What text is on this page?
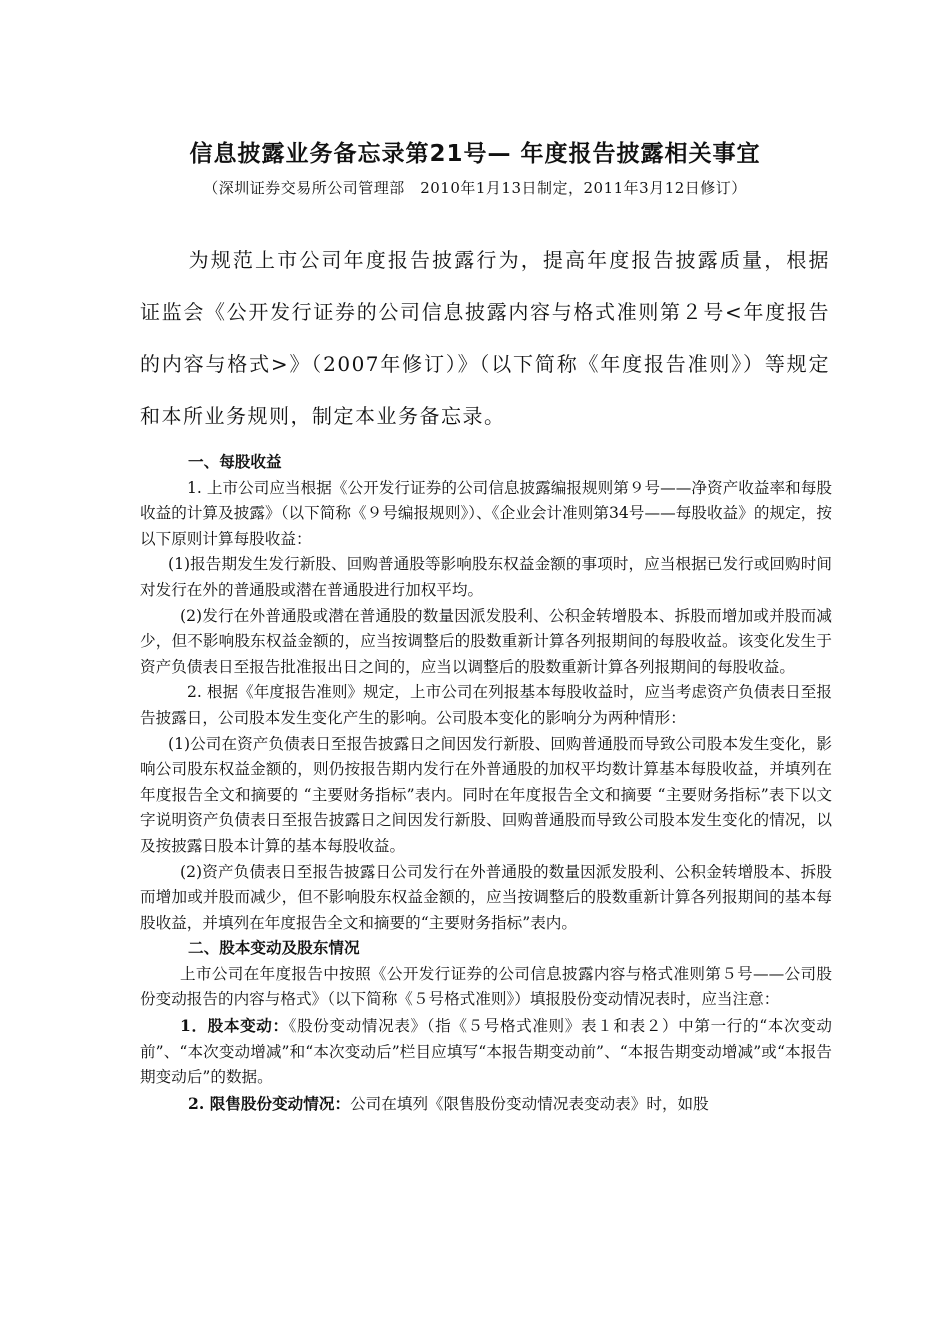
信息披露业务备忘录第21号— 年度报告披露相关事宜

（深圳证券交易所公司管理部　2010年1月13日制定，2011年3月12日修订）

为规范上市公司年度报告披露行为，提高年度报告披露质量，根据证监会《公开发行证券的公司信息披露内容与格式准则第２号<年度报告的内容与格式>》（2007年修订）》（以下简称《年度报告准则》）等规定和本所业务规则，制定本业务备忘录。

一、每股收益

1. 上市公司应当根据《公开发行证券的公司信息披露编报规则第９号——净资产收益率和每股收益的计算及披露》（以下简称《９号编报规则》）、《企业会计准则第34号——每股收益》的规定，按以下原则计算每股收益：

(1)报告期发生发行新股、回购普通股等影响股东权益金额的事项时，应当根据已发行或回购时间对发行在外的普通股或潜在普通股进行加权平均。

(2)发行在外普通股或潜在普通股的数量因派发股利、公积金转增股本、拆股而增加或并股而减少，但不影响股东权益金额的，应当按调整后的股数重新计算各列报期间的每股收益。该变化发生于资产负债表日至报告批准报出日之间的，应当以调整后的股数重新计算各列报期间的每股收益。

2. 根据《年度报告准则》规定，上市公司在列报基本每股收益时，应当考虑资产负债表日至报告披露日，公司股本发生变化产生的影响。公司股本变化的影响分为两种情形：

(1)公司在资产负债表日至报告披露日之间因发行新股、回购普通股而导致公司股本发生变化，影响公司股东权益金额的，则仍按报告期内发行在外普通股的加权平均数计算基本每股收益，并填列在年度报告全文和摘要的 “主要财务指标”表内。同时在年度报告全文和摘要 “主要财务指标”表下以文字说明资产负债表日至报告披露日之间因发行新股、回购普通股而导致公司股本发生变化的情况，以及按披露日股本计算的基本每股收益。

(2)资产负债表日至报告披露日公司发行在外普通股的数量因派发股利、公积金转增股本、拆股而增加或并股而减少，但不影响股东权益金额的，应当按调整后的股数重新计算各列报期间的基本每股收益，并填列在年度报告全文和摘要的“主要财务指标”表内。

二、股本变动及股东情况

上市公司在年度报告中按照《公开发行证券的公司信息披露内容与格式准则第５号——公司股份变动报告的内容与格式》（以下简称《５号格式准则》）填报股份变动情况表时，应当注意：

1．股本变动：《股份变动情况表》（指《５号格式准则》表１和表２）中第一行的“本次变动前”、“本次变动增减”和“本次变动后”栏目应填写“本报告期变动前”、“本报告期变动增减”或“本报告期变动后”的数据。

2. 限售股份变动情况：公司在填列《限售股份变动情况表变动表》时，如股
